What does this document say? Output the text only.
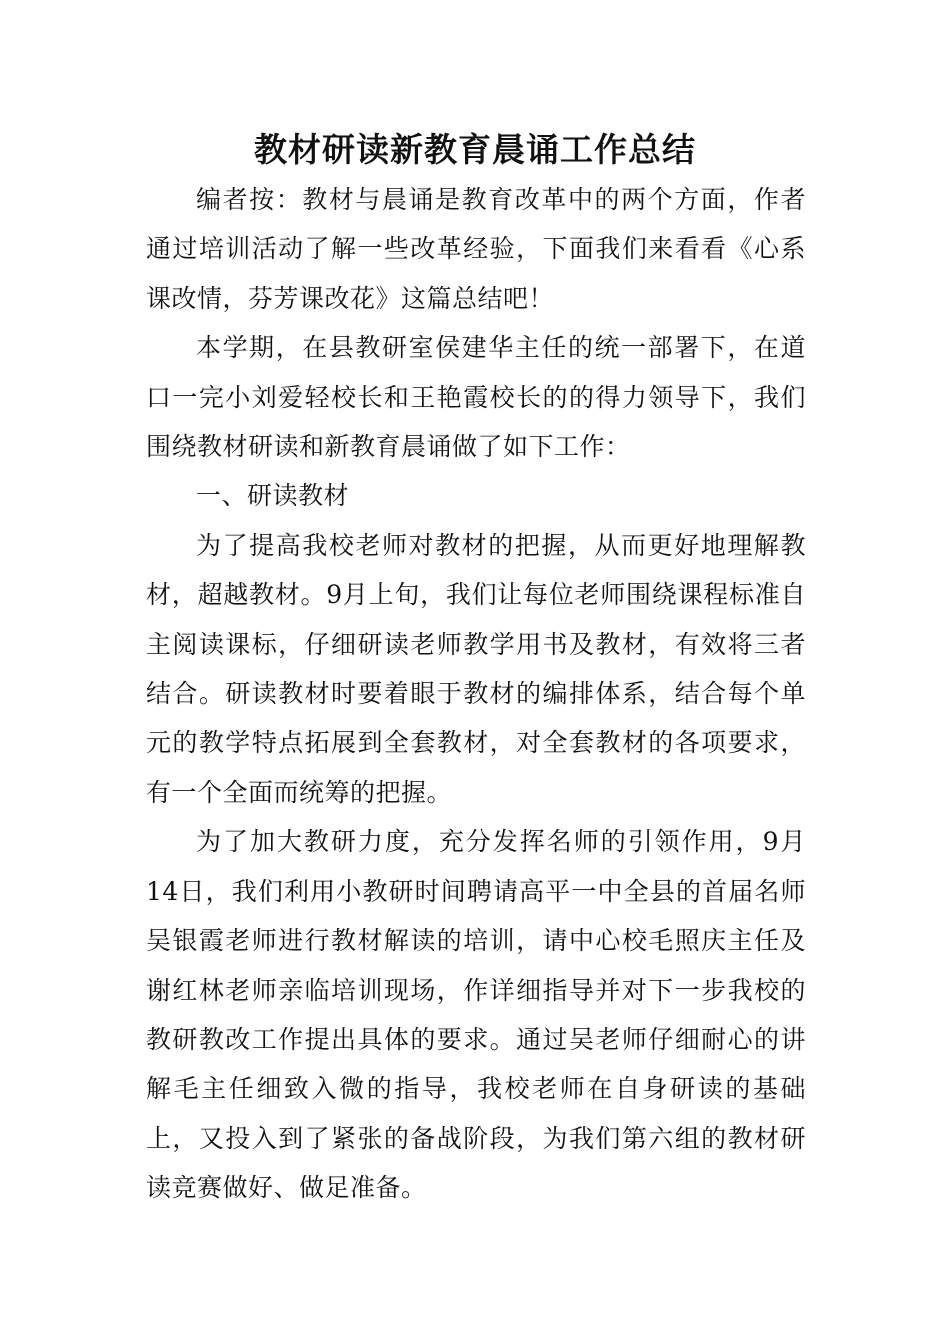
教材研读新教育晨诵工作总结

编者按：教材与晨诵是教育改革中的两个方面，作者通过培训活动了解一些改革经验，下面我们来看看《心系课改情，芬芳课改花》这篇总结吧！

本学期，在县教研室侯建华主任的统一部署下，在道口一完小刘爱轻校长和王艳霞校长的的得力领导下，我们围绕教材研读和新教育晨诵做了如下工作：

一、研读教材

为了提高我校老师对教材的把握，从而更好地理解教材，超越教材。9月上旬，我们让每位老师围绕课程标准自主阅读课标，仔细研读老师教学用书及教材，有效将三者结合。研读教材时要着眼于教材的编排体系，结合每个单元的教学特点拓展到全套教材，对全套教材的各项要求，有一个全面而统筹的把握。

为了加大教研力度，充分发挥名师的引领作用，9月14日，我们利用小教研时间聘请高平一中全县的首届名师吴银霞老师进行教材解读的培训，请中心校毛照庆主任及谢红林老师亲临培训现场，作详细指导并对下一步我校的教研教改工作提出具体的要求。通过吴老师仔细耐心的讲解毛主任细致入微的指导，我校老师在自身研读的基础上，又投入到了紧张的备战阶段，为我们第六组的教材研读竞赛做好、做足准备。
